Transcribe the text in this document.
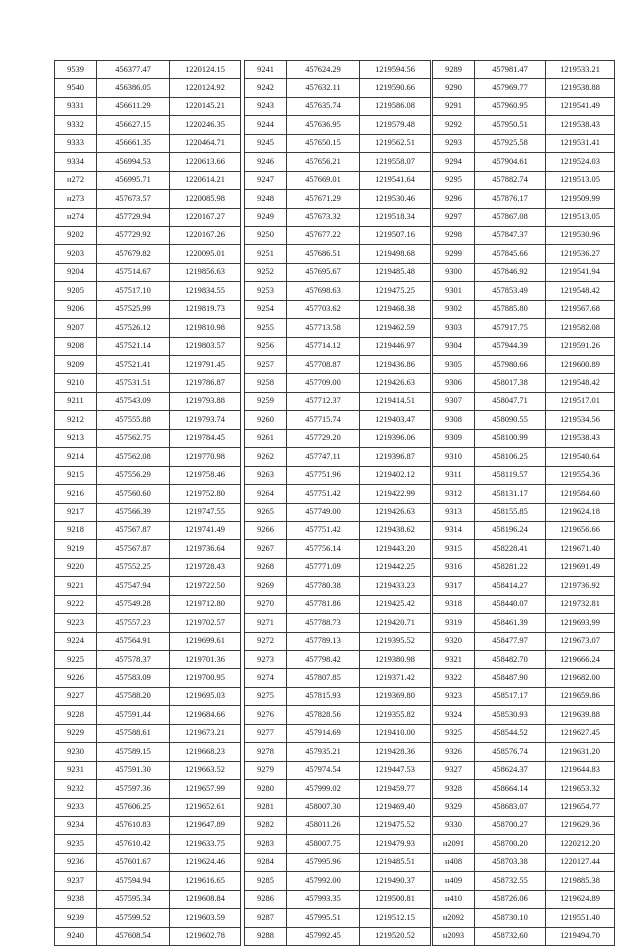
9539	456377.47	1220124.15
9540	456386.05	1220124.92
9331	456611.29	1220145.21
9332	456627.15	1220246.35
9333	456661.35	1220464.71
9334	456994.53	1220613.66
н272	456995.71	1220614.21
н273	457673.57	1220085.98
н274	457729.94	1220167.27
9202	457729.92	1220167.26
9203	457679.82	1220095.01
9204	457514.67	1219856.63
9205	457517.10	1219834.55
9206	457525.99	1219819.73
9207	457526.12	1219810.98
9208	457521.14	1219803.57
9209	457521.41	1219791.45
9210	457531.51	1219786.87
9211	457543.09	1219793.88
9212	457555.88	1219793.74
9213	457562.75	1219784.45
9214	457562.08	1219770.98
9215	457556.29	1219758.46
9216	457560.60	1219752.80
9217	457566.39	1219747.55
9218	457567.87	1219741.49
9219	457567.87	1219736.64
9220	457552.25	1219728.43
9221	457547.94	1219722.50
9222	457549.28	1219712.80
9223	457557.23	1219702.57
9224	457564.91	1219699.61
9225	457578.37	1219701.36
9226	457583.09	1219700.95
9227	457588.20	1219695.03
9228	457591.44	1219684.66
9229	457588.61	1219673.21
9230	457589.15	1219668.23
9231	457591.30	1219663.52
9232	457597.36	1219657.99
9233	457606.25	1219652.61
9234	457610.83	1219647.89
9235	457610.42	1219633.75
9236	457601.67	1219624.46
9237	457594.94	1219616.65
9238	457595.34	1219608.84
9239	457599.52	1219603.59
9240	457608.54	1219602.78
9241	457624.29	1219594.56
9242	457632.11	1219590.66
9243	457635.74	1219586.08
9244	457636.95	1219579.48
9245	457650.15	1219562.51
9246	457656.21	1219558.07
9247	457669.01	1219541.64
9248	457671.29	1219530.46
9249	457673.32	1219518.34
9250	457677.22	1219507.16
9251	457686.51	1219498.68
9252	457695.67	1219485.48
9253	457698.63	1219475.25
9254	457703.62	1219468.38
9255	457713.58	1219462.59
9256	457714.12	1219446.97
9257	457708.87	1219436.86
9258	457709.00	1219426.63
9259	457712.37	1219414.51
9260	457715.74	1219403.47
9261	457729.20	1219396.06
9262	457747.11	1219396.87
9263	457751.96	1219402.12
9264	457751.42	1219422.99
9265	457749.00	1219426.63
9266	457751.42	1219438.62
9267	457756.14	1219443.20
9268	457771.09	1219442.25
9269	457780.38	1219433.23
9270	457781.86	1219425.42
9271	457788.73	1219420.71
9272	457789.13	1219395.52
9273	457798.42	1219380.98
9274	457807.85	1219371.42
9275	457815.93	1219369.80
9276	457828.56	1219355.82
9277	457914.69	1219410.00
9278	457935.21	1219428.36
9279	457974.54	1219447.53
9280	457999.02	1219459.77
9281	458007.30	1219469.40
9282	458011.26	1219475.52
9283	458007.75	1219479.93
9284	457995.96	1219485.51
9285	457992.00	1219490.37
9286	457993.35	1219500.81
9287	457995.51	1219512.15
9288	457992.45	1219520.52
9289	457981.47	1219533.21
9290	457969.77	1219538.88
9291	457960.95	1219541.49
9292	457950.51	1219538.43
9293	457925.58	1219531.41
9294	457904.61	1219524.03
9295	457882.74	1219513.05
9296	457876.17	1219509.99
9297	457867.08	1219513.05
9298	457847.37	1219530.96
9299	457845.66	1219536.27
9300	457846.92	1219541.94
9301	457853.49	1219548.42
9302	457885.80	1219567.68
9303	457917.75	1219582.08
9304	457944.39	1219591.26
9305	457980.66	1219600.89
9306	458017.38	1219548.42
9307	458047.71	1219517.01
9308	458090.55	1219534.56
9309	458100.99	1219538.43
9310	458106.25	1219540.64
9311	458119.57	1219554.36
9312	458131.17	1219584.60
9313	458155.85	1219624.18
9314	458196.24	1219656.66
9315	458228.41	1219671.40
9316	458281.22	1219691.49
9317	458414.27	1219736.92
9318	458440.07	1219732.81
9319	458461.39	1219693.99
9320	458477.97	1219673.07
9321	458482.70	1219666.24
9322	458487.90	1219682.00
9323	458517.17	1219659.86
9324	458530.93	1219639.88
9325	458544.52	1219627.45
9326	458576.74	1219631.20
9327	458624.37	1219644.83
9328	458664.14	1219653.32
9329	458683.07	1219654.77
9330	458700.27	1219629.36
н2091	458700.20	1220212.20
н408	458703.38	1220127.44
н409	458732.55	1219885.38
н410	458726.06	1219624.89
н2092	458730.10	1219551.40
н2093	458732.60	1219494.70
